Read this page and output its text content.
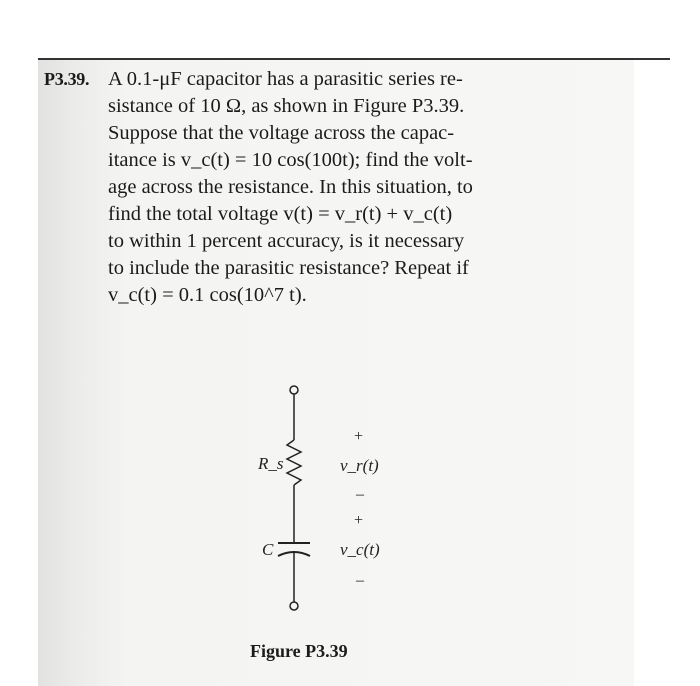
P3.39. A 0.1-μF capacitor has a parasitic series re-
sistance of 10 Ω, as shown in Figure P3.39.
Suppose that the voltage across the capac-
itance is v_c(t) = 10 cos(100t); find the volt-
age across the resistance. In this situation, to
find the total voltage v(t) = v_r(t) + v_c(t)
to within 1 percent accuracy, is it necessary
to include the parasitic resistance? Repeat if
v_c(t) = 0.1 cos(10^7 t).
R_s
C
+
v_r(t)
–
+
v_c(t)
–
Figure P3.39
